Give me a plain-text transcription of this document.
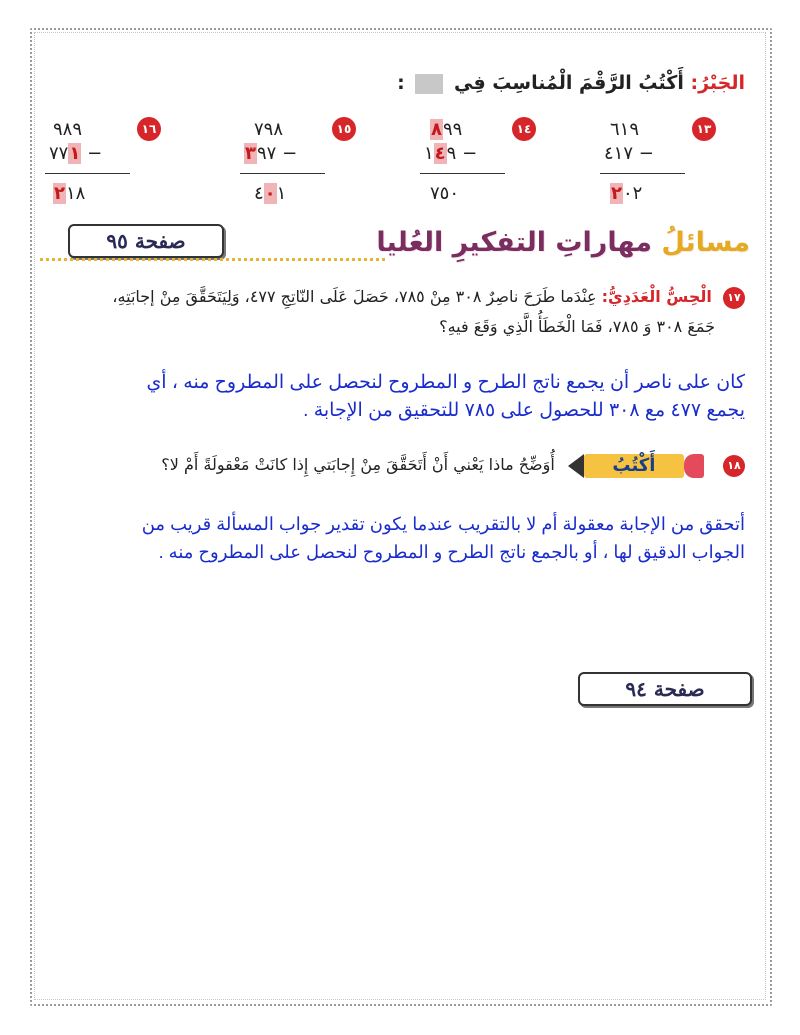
الجَبْرُ: أَكْتُبُ الرَّقْمَ الْمُناسِبَ فِي  :
١٣
٦١٩
٤١٧ −
٢٠٢
١٤
٨٩٩
١٤٩ −
٧٥٠
١٥
٧٩٨
٣٩٧ −
٤٠١
١٦
٩٨٩
٧٧١ −
٢١٨
صفحة ٩٥	مسائلُ مهاراتِ التفكيرِ العُليا
١٧ الْحِسُّ الْعَدَدِيُّ: عِنْدَما طَرَحَ ناصِرٌ ٣٠٨ مِنْ ٧٨٥، حَصَلَ عَلَى النّاتِجِ ٤٧٧، وَلِيَتَحَقَّقَ مِنْ إجابَتِهِ،
جَمَعَ ٣٠٨ وَ ٧٨٥، فَمَا الْخَطَأُ الَّذِي وَقَعَ فيهِ؟
كان على ناصر أن يجمع ناتج الطرح و المطروح لنحصل على المطروح منه ، أي
يجمع ٤٧٧ مع ٣٠٨ للحصول على ٧٨٥ للتحقيق من الإجابة .
١٨
أَكْتُبُ
أُوَضِّحُ ماذا يَعْني أَنْ أَتَحَقَّقَ مِنْ إِجابَتي إِذا كانَتْ مَعْقولَةً أَمْ لا؟
أتحقق من الإجابة معقولة أم لا بالتقريب عندما يكون تقدير جواب المسألة قريب من
الجواب الدقيق لها ، أو بالجمع ناتج الطرح و المطروح لنحصل على المطروح منه .
صفحة ٩٤
